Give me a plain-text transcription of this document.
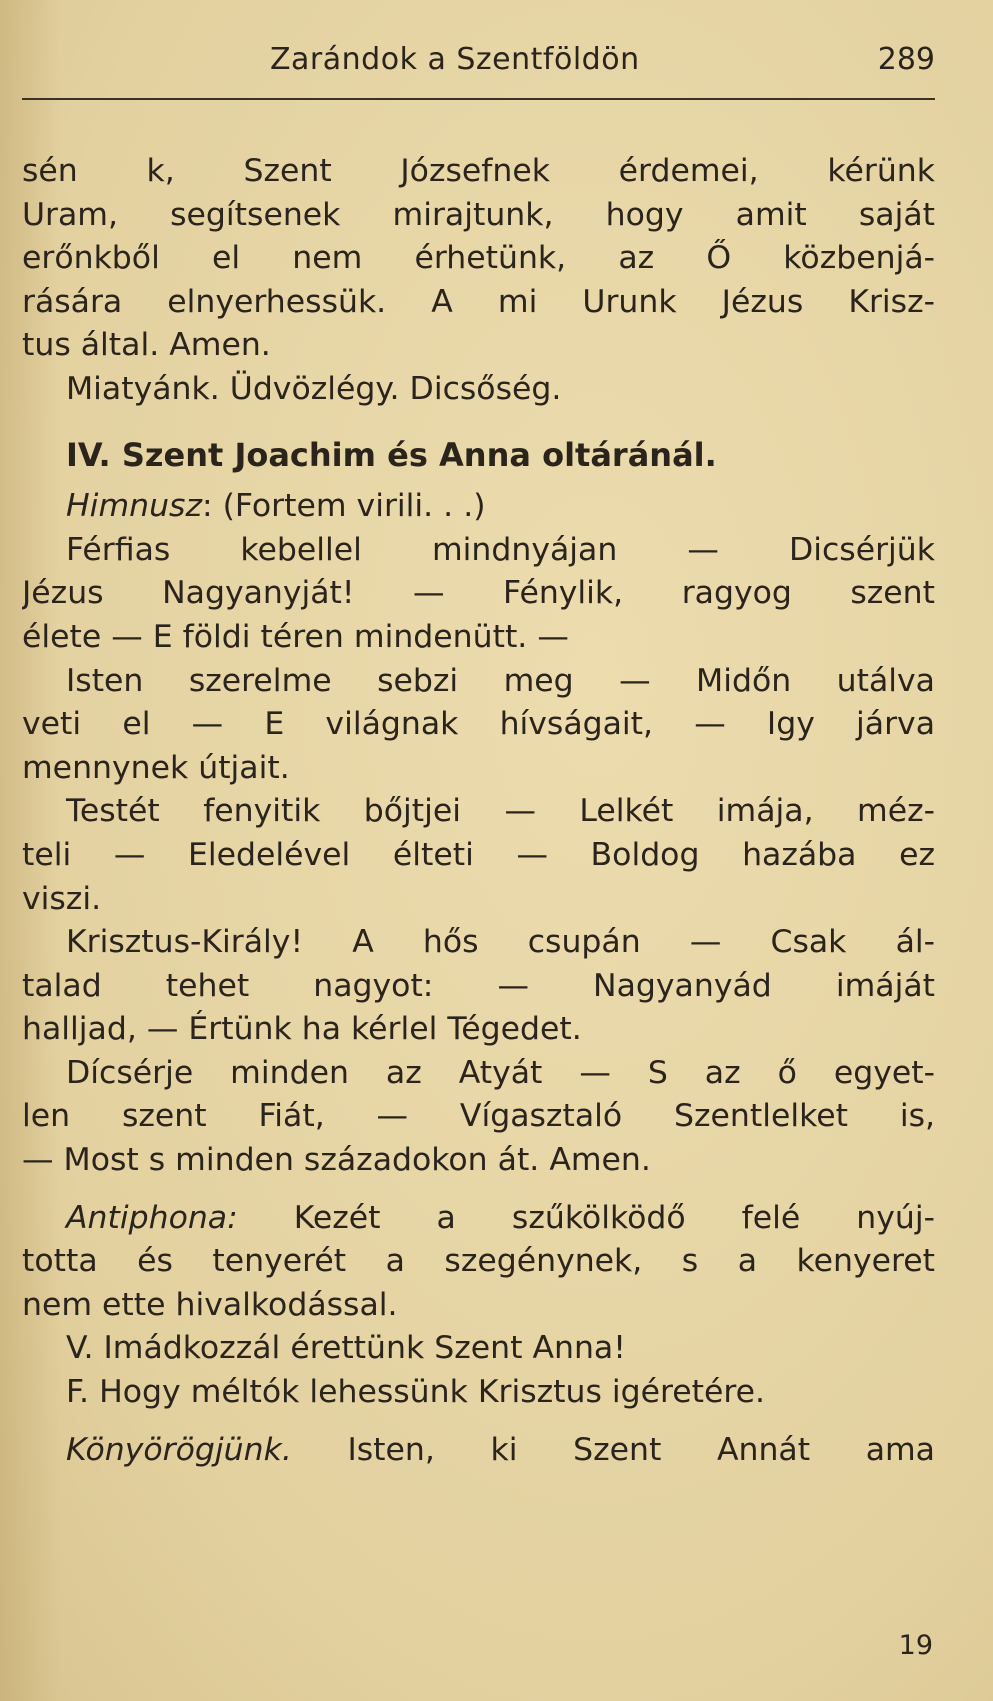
Zarándok a Szentföldön	289
sén k, Szent Józsefnek érdemei, kérünk
Uram, segítsenek mirajtunk, hogy amit saját
erőnkből el nem érhetünk, az Ő közbenjá-
rására elnyerhessük. A mi Urunk Jézus Krisz-
tus által. Amen.
Miatyánk. Üdvözlégy. Dicsőség.
IV. Szent Joachim és Anna oltáránál.
Himnusz: (Fortem virili. . .)
Férfias kebellel mindnyájan — Dicsérjük
Jézus Nagyanyját! — Fénylik, ragyog szent
élete — E földi téren mindenütt. —
Isten szerelme sebzi meg — Midőn utálva
veti el — E világnak hívságait, — Igy járva
mennynek útjait.
Testét fenyitik bőjtjei — Lelkét imája, méz-
teli — Eledelével élteti — Boldog hazába ez
viszi.
Krisztus-Király! A hős csupán — Csak ál-
talad tehet nagyot: — Nagyanyád imáját
halljad, — Értünk ha kérlel Tégedet.
Dícsérje minden az Atyát — S az ő egyet-
len szent Fiát, — Vígasztaló Szentlelket is,
— Most s minden századokon át. Amen.
Antiphona: Kezét a szűkölködő felé nyúj-
totta és tenyerét a szegénynek, s a kenyeret
nem ette hivalkodással.
V. Imádkozzál érettünk Szent Anna!
F. Hogy méltók lehessünk Krisztus igéretére.
Könyörögjünk. Isten, ki Szent Annát ama
19
